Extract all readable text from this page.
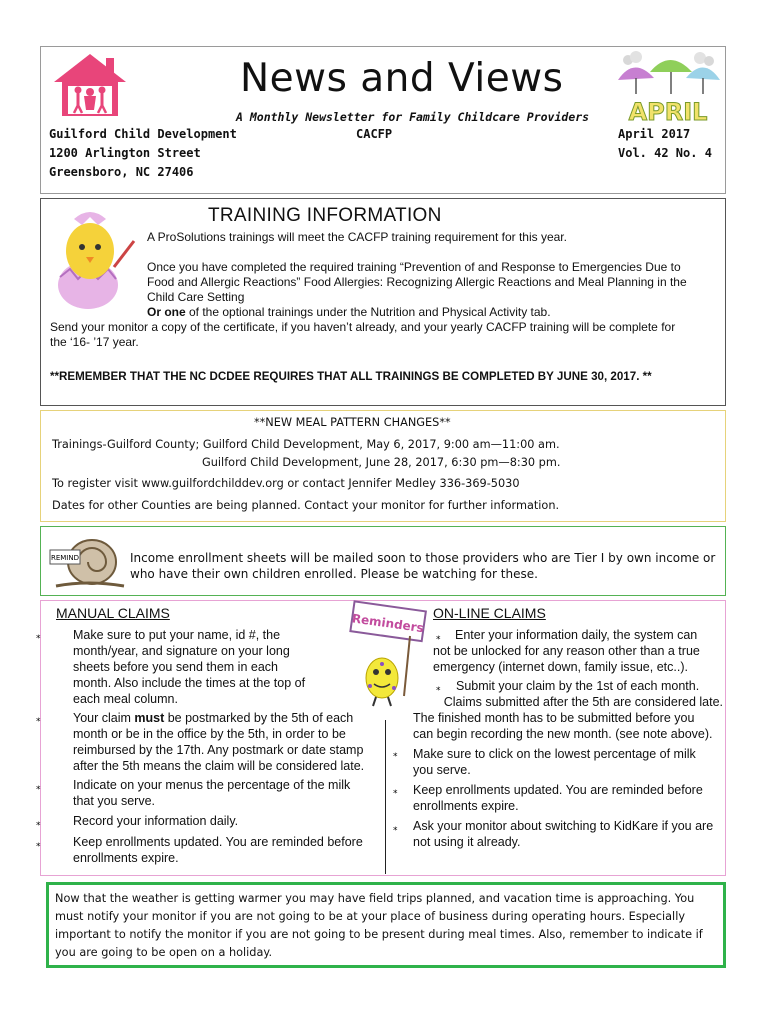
News and Views
A Monthly Newsletter for Family Childcare Providers
CACFP
Guilford Child Development
1200 Arlington Street
Greensboro, NC 27406
April 2017
Vol. 42 No. 4
APRIL
TRAINING INFORMATION
A ProSolutions trainings will meet the CACFP training requirement for this year.
Once you have completed the required training “Prevention of and Response to Emergencies Due to
Food and Allergic Reactions” Food Allergies: Recognizing Allergic Reactions and Meal Planning in the
Child Care Setting
Or one of the optional trainings under the Nutrition and Physical Activity tab.
Send your monitor a copy of the certificate, if you haven’t already, and your yearly CACFP training will be complete for
the ‘16- ’17 year.
**REMEMBER THAT THE NC DCDEE REQUIRES THAT ALL TRAININGS BE COMPLETED BY JUNE 30, 2017. **
**NEW MEAL PATTERN CHANGES**
Trainings-Guilford County; Guilford Child Development, May 6, 2017, 9:00 am—11:00 am.
Guilford Child Development, June 28, 2017, 6:30 pm—8:30 pm.
To register visit www.guilfordchilddev.org or contact Jennifer Medley 336-369-5030
Dates for other Counties are being planned. Contact your monitor for further information.
REMIND	Income enrollment sheets will be mailed soon to those providers who are Tier I by own income or who have their own children enrolled. Please be watching for these.
MANUAL CLAIMS	ON-LINE CLAIMS
Reminders
⁎	Make sure to put your name, id #, the
month/year, and signature on your long
sheets before you send them in each
month. Also include the times at the top of
each meal column.
⁎	Your claim must be postmarked by the 5th of each
month or be in the office by the 5th, in order to be
reimbursed by the 17th. Any postmark or date stamp
after the 5th means the claim will be considered late.
⁎	Indicate on your menus the percentage of the milk
that you serve.
⁎	Record your information daily.
⁎	Keep enrollments updated. You are reminded before
enrollments expire.
⁎	Enter your information daily, the system can
not be unlocked for any reason other than a true
emergency (internet down, family issue, etc..).
⁎ Submit your claim by the 1st of each month.
Claims submitted after the 5th are considered late.
The finished month has to be submitted before you
can begin recording the new month. (see note above).
⁎ Make sure to click on the lowest percentage of milk
you serve.
⁎ Keep enrollments updated. You are reminded before
enrollments expire.
⁎ Ask your monitor about switching to KidKare if you are
not using it already.
Now that the weather is getting warmer you may have field trips planned, and vacation time is approaching. You must notify your monitor if you are not going to be at your place of business during operating hours. Especially important to notify the monitor if you are not going to be present during meal times. Also, remember to indicate if you are going to be open on a holiday.
